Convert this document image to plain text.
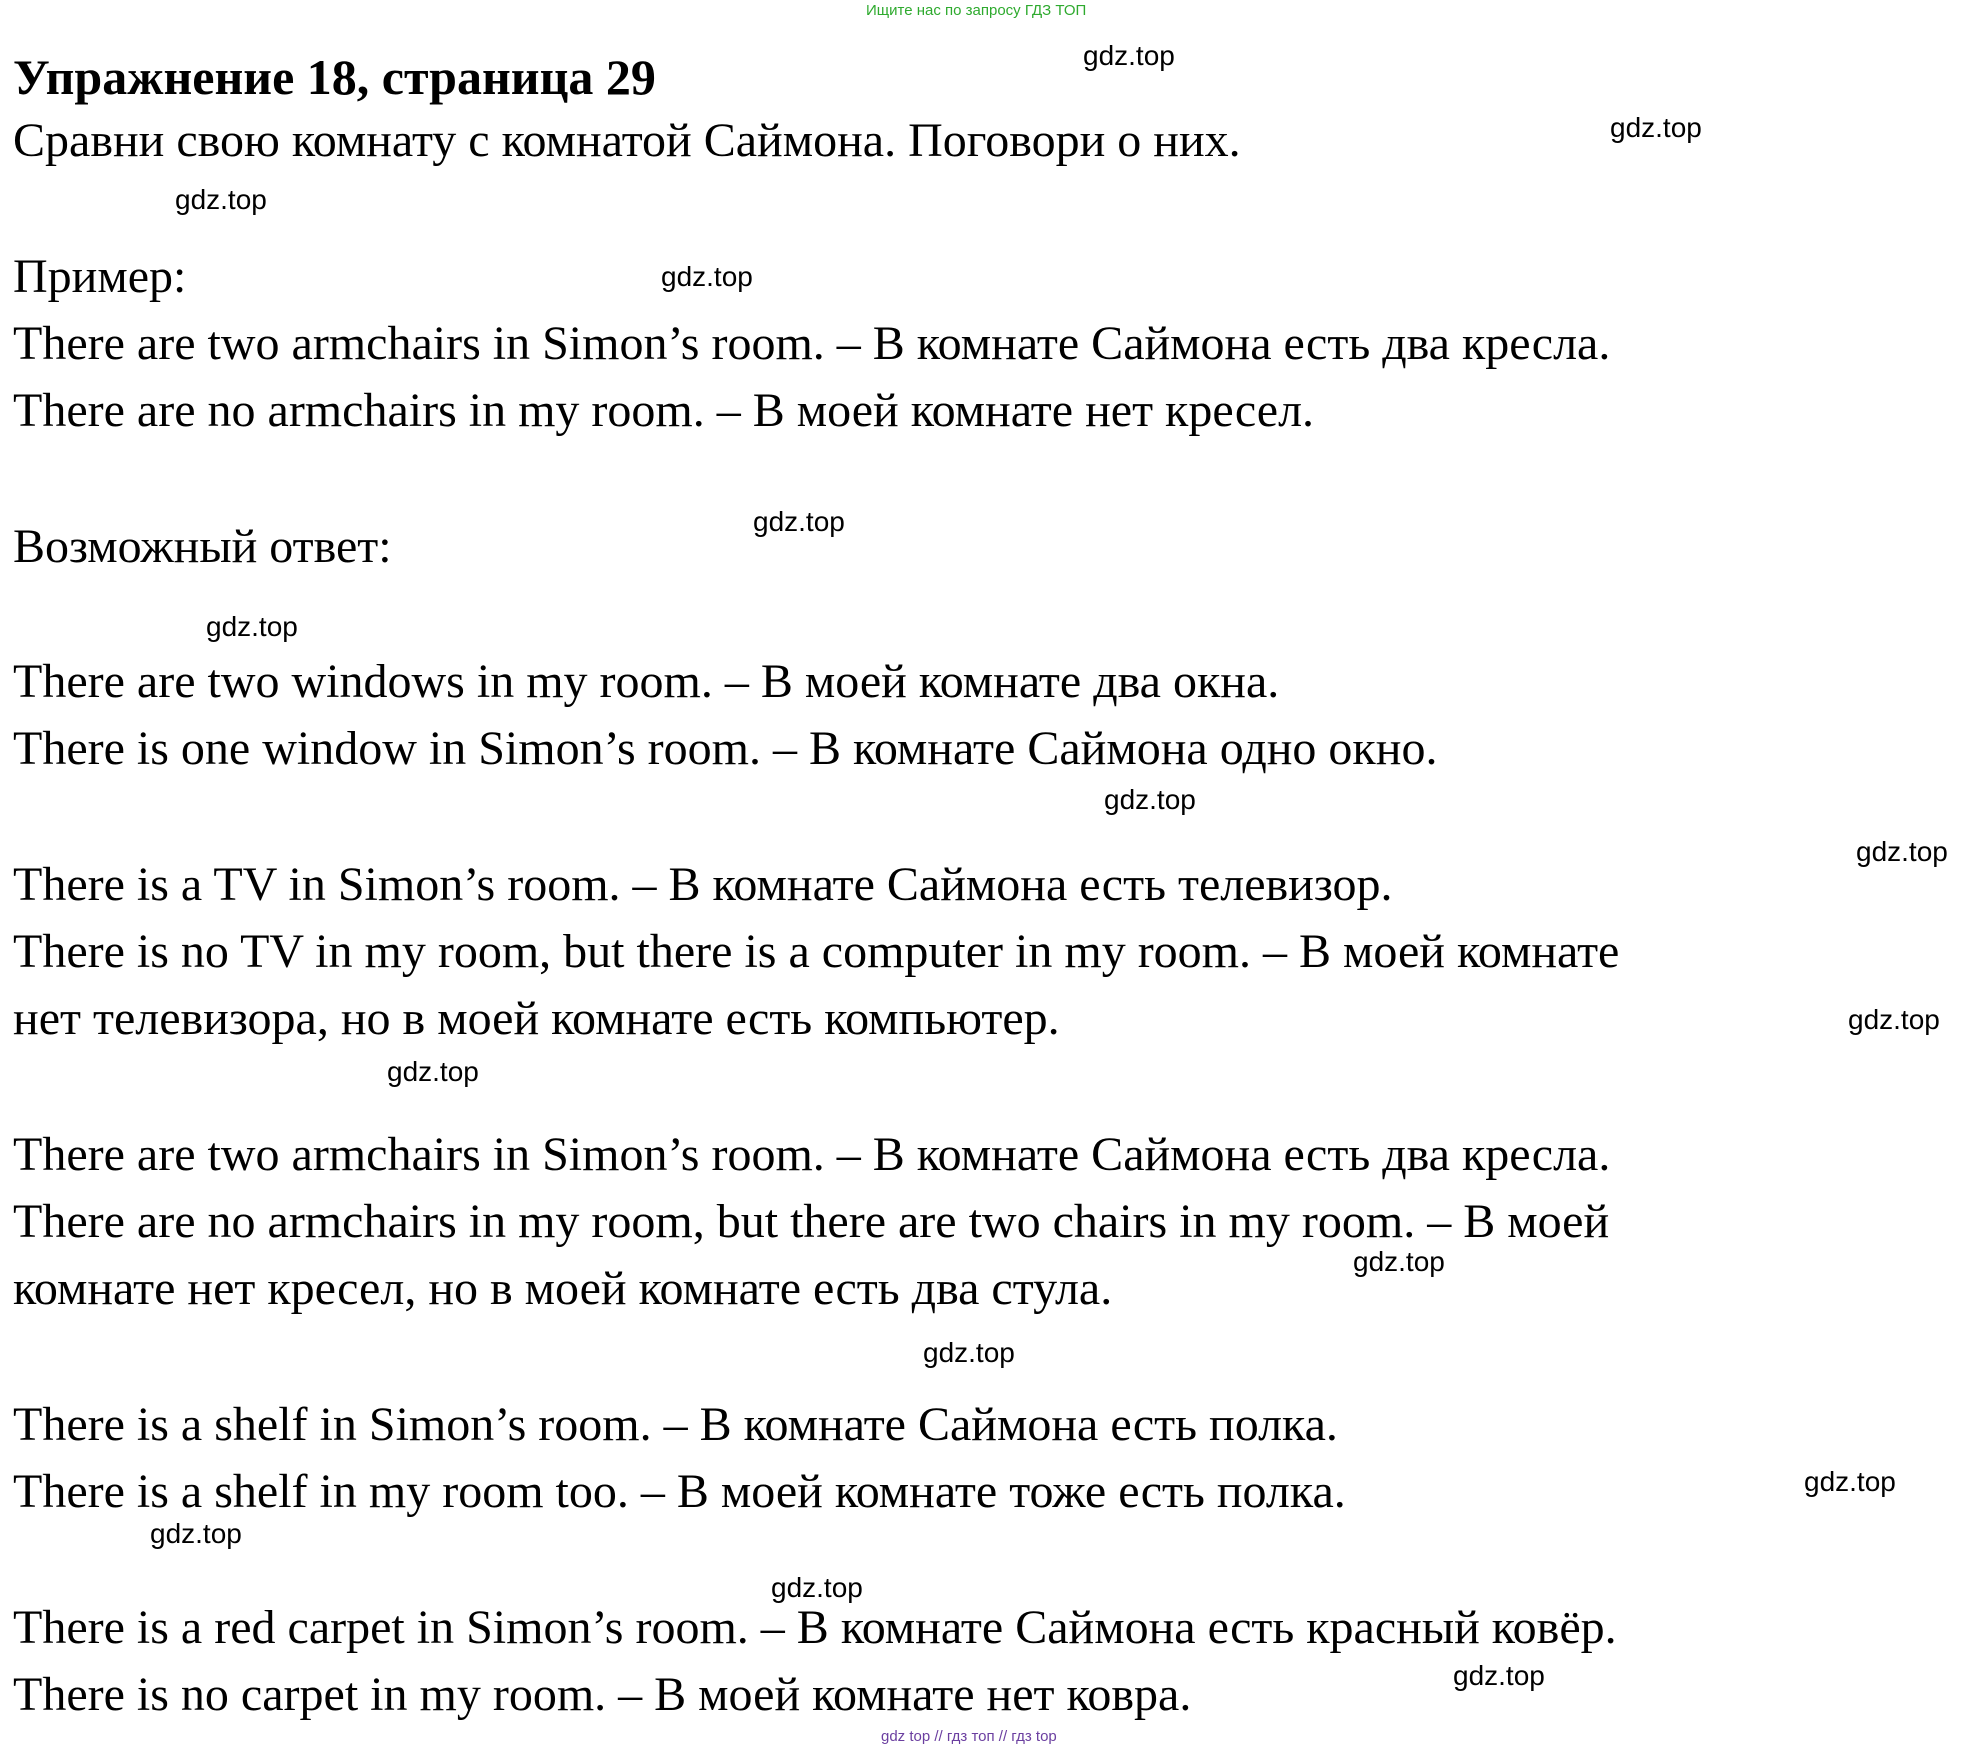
Ищите нас по запросу ГДЗ ТОП
Упражнение 18, страница 29
Сравни свою комнату с комнатой Саймона. Поговори о них.
Пример:
There are two armchairs in Simon’s room. – В комнате Саймона есть два кресла.
There are no armchairs in my room. – В моей комнате нет кресел.
Возможный ответ:
There are two windows in my room. – В моей комнате два окна.
There is one window in Simon’s room. – В комнате Саймона одно окно.
There is a TV in Simon’s room. – В комнате Саймона есть телевизор.
There is no TV in my room, but there is a computer in my room. – В моей комнате
нет телевизора, но в моей комнате есть компьютер.
There are two armchairs in Simon’s room. – В комнате Саймона есть два кресла.
There are no armchairs in my room, but there are two chairs in my room. – В моей
комнате нет кресел, но в моей комнате есть два стула.
There is a shelf in Simon’s room. – В комнате Саймона есть полка.
There is a shelf in my room too. – В моей комнате тоже есть полка.
There is a red carpet in Simon’s room. – В комнате Саймона есть красный ковёр.
There is no carpet in my room. – В моей комнате нет ковра.
gdz.top
gdz.top
gdz.top
gdz.top
gdz.top
gdz.top
gdz.top
gdz.top
gdz.top
gdz.top
gdz.top
gdz.top
gdz.top
gdz.top
gdz.top
gdz.top
gdz top // гдз топ // гдз top
